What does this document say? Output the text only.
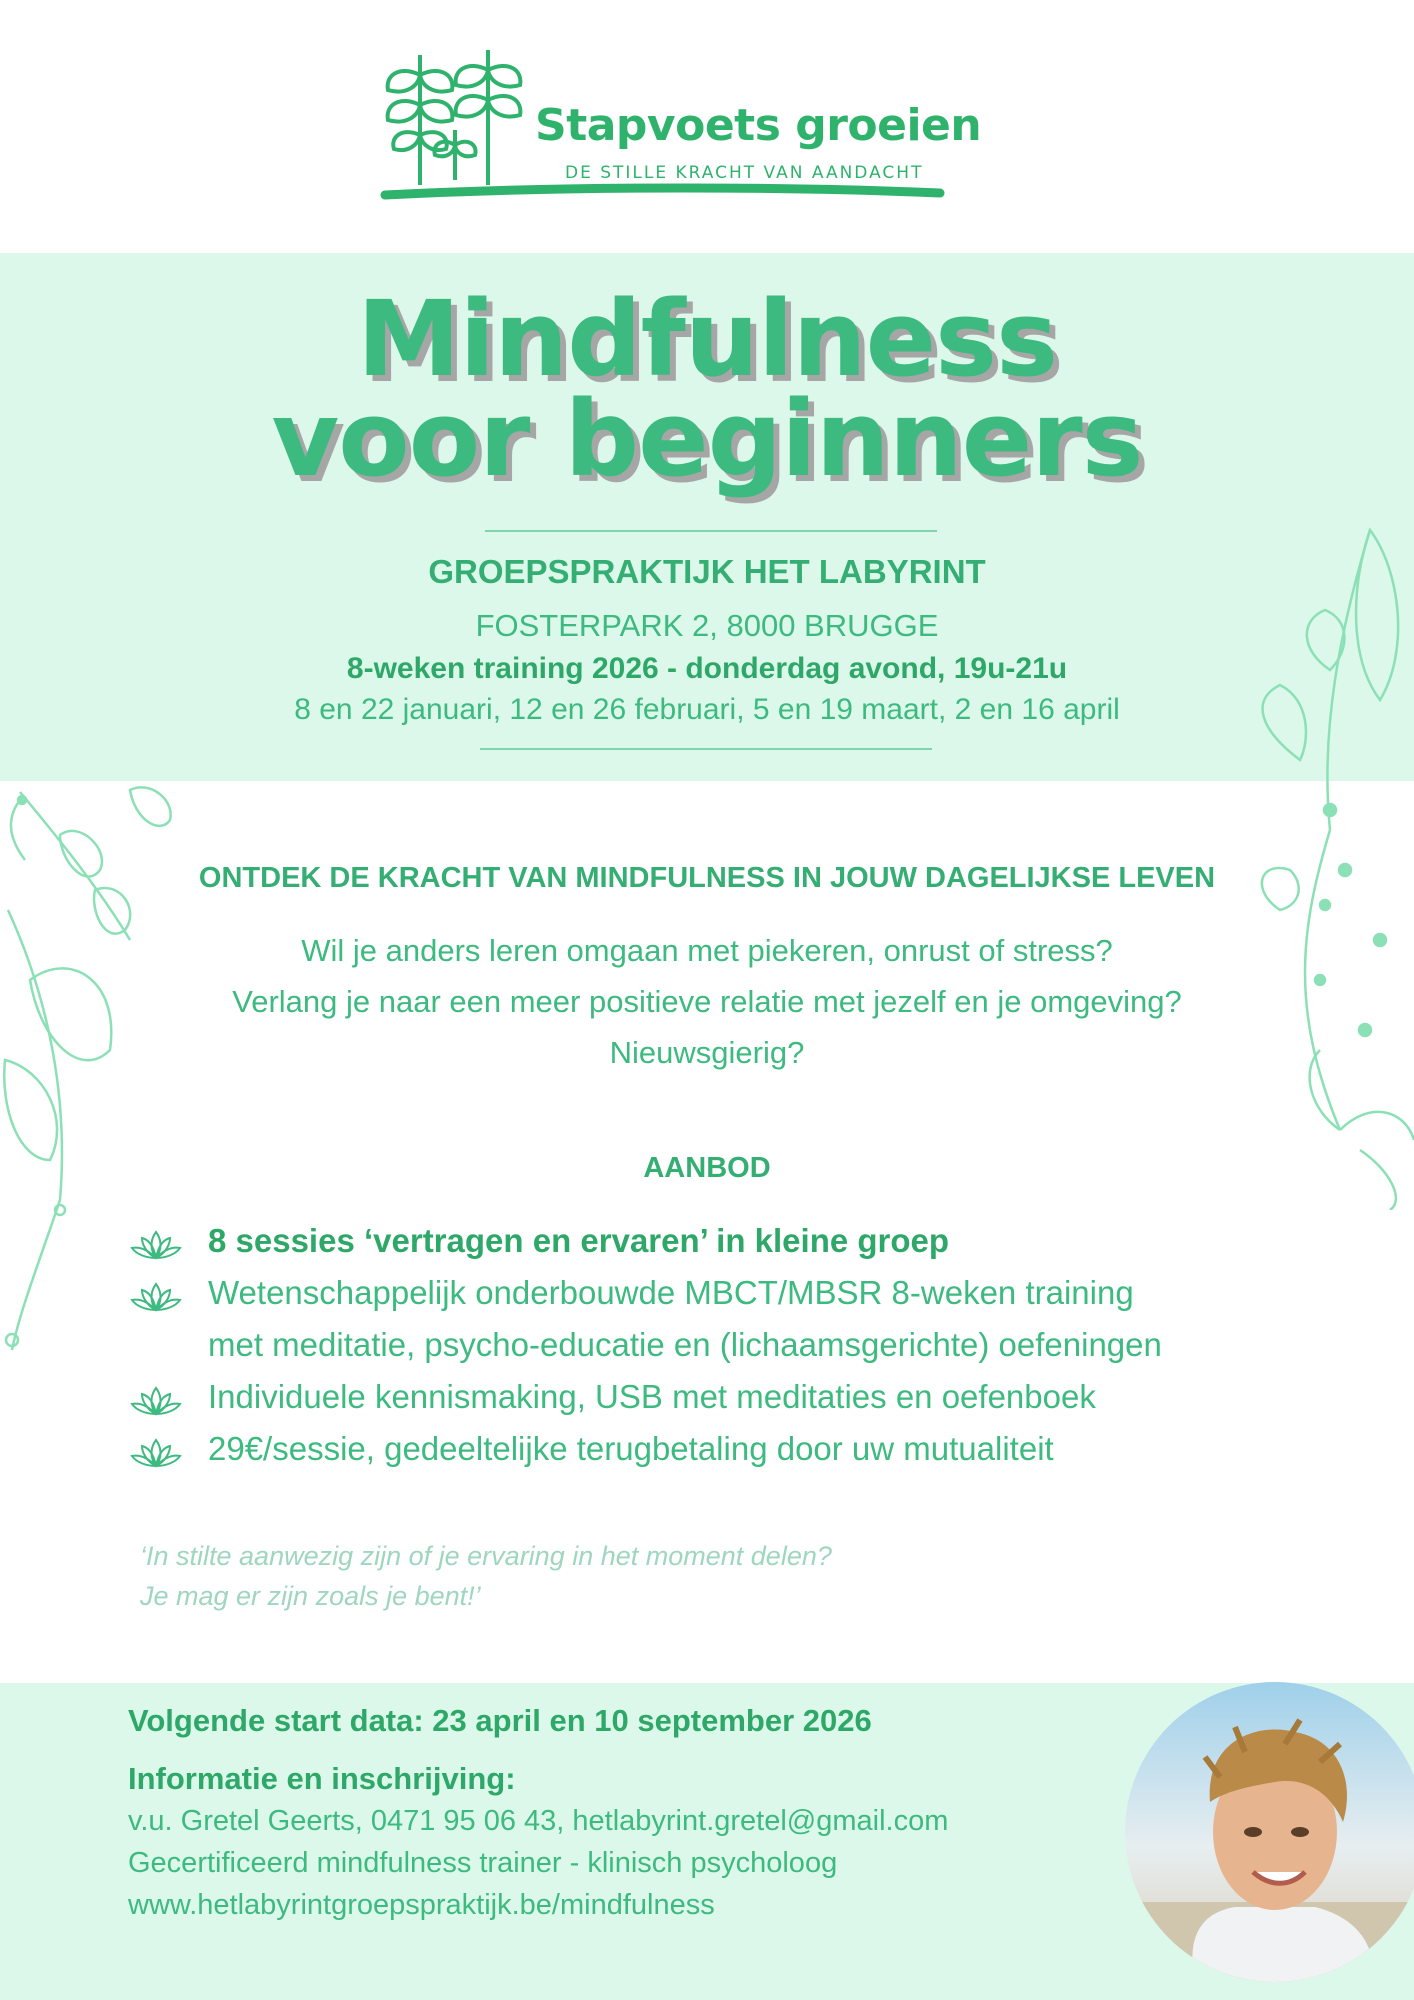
Stapvoets groeien
DE STILLE KRACHT VAN AANDACHT
Mindfulness
voor beginners
GROEPSPRAKTIJK HET LABYRINT
FOSTERPARK 2, 8000 BRUGGE
8-weken training 2026 - donderdag avond, 19u-21u
8 en 22 januari, 12 en 26 februari, 5 en 19 maart, 2 en 16 april
ONTDEK DE KRACHT VAN MINDFULNESS IN JOUW DAGELIJKSE LEVEN
Wil je anders leren omgaan met piekeren, onrust of stress?
Verlang je naar een meer positieve relatie met jezelf en je omgeving?
Nieuwsgierig?
AANBOD
8 sessies ‘vertragen en ervaren’ in kleine groep
Wetenschappelijk onderbouwde MBCT/MBSR 8-weken training
met meditatie, psycho-educatie en (lichaamsgerichte) oefeningen
Individuele kennismaking, USB met meditaties en oefenboek
29€/sessie, gedeeltelijke terugbetaling door uw mutualiteit
‘In stilte aanwezig zijn of je ervaring in het moment delen?
Je mag er zijn zoals je bent!’
Volgende start data: 23 april en 10 september 2026
Informatie en inschrijving:
v.u. Gretel Geerts, 0471 95 06 43, hetlabyrint.gretel@gmail.com
Gecertificeerd mindfulness trainer - klinisch psycholoog
www.hetlabyrintgroepspraktijk.be/mindfulness
